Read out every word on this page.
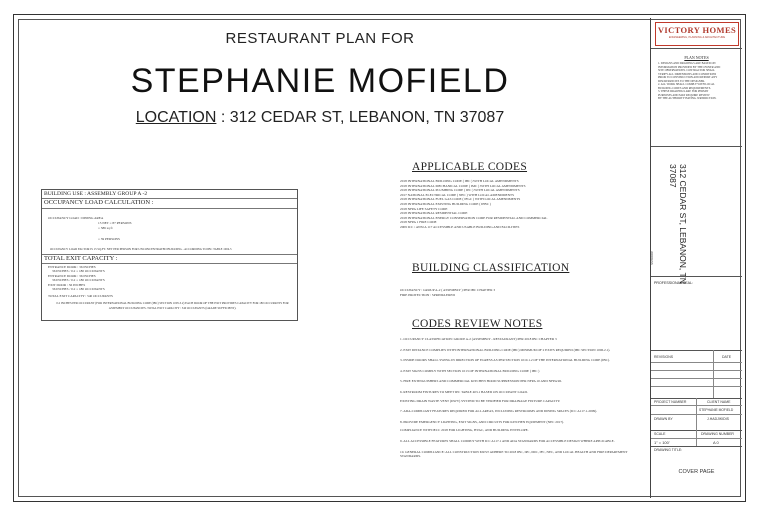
RESTAURANT PLAN FOR
STEPHANIE MOFIELD
LOCATION : 312 CEDAR ST, LEBANON, TN 37087
BUILDING USE : ASSEMBLY GROUP A -2
OCCUPANCY LOAD CALCULATION :
OCCUPANCY LOAD : DINING AREA
15 NET = 87 PERSONS
= 586 sq ft
= 39 PERSONS
OCCUPANCY LOAD FACTOR IS 15 SQ.FT. NET PER PERSON FOR UNCONCENTRATED BUILDING - ACCORDING TO IBC TABLE 1004.5
TOTAL EXIT CAPACITY :
ENTRANCE DOOR : 36 INCHES
36 INCHES / 0.2 = 180 OCCUPANTS
ENTRANCE DOOR : 36 INCHES
36 INCHES / 0.2 = 180 OCCUPANTS
EXIT DOOR : 36 INCHES
36 INCHES / 0.2 = 180 OCCUPANTS
TOTAL EXIT CAPACITY : 540 OCCUPANTS
0.2 INCHES PER OCCUPANT (FOR INTERNATIONAL BUILDING CODE (IBC) SECTION 1005.3.2) EACH DOOR OF THE EXIT PROVIDES CAPACITY FOR 180 OCCUPANTS FOR ASSEMBLY OCCUPANCIES. TOTAL EXIT CAPACITY : 540 OCCUPANTS (GRADE SUFFICIENT).
APPLICABLE CODES
2018 INTERNATIONAL BUILDING CODE ( IBC ) WITH LOCAL AMENDMENTS
2018 INTERNATIONAL MECHANICAL CODE ( IMC ) WITH LOCAL AMENDMENTS
2018 INTERNATIONAL PLUMBING CODE ( IPC ) WITH LOCAL AMENDMENTS
2017 NATIONAL ELECTRICAL CODE ( NEC ) WITH LOCAL AMENDMENTS
2018 INTERNATIONAL FUEL GAS CODE ( IFGC ) WITH LOCAL AMENDMENTS
2018 INTERNATIONAL EXISTING BUILDING CODE ( IEBC )
2018 NFPA LIFE SAFETY CODE
2018 INTERNATIONAL RESIDENTIAL CODE
2018 INTERNATIONAL ENERGY CONSERVATION CODE FOR RESIDENTIAL AND COMMERCIAL
2018 NFPA 1 FIRE CODE
2009 ICC / ANSI A 117 ACCESSIBLE AND USABLE BUILDING AND FACILITIES
BUILDING CLASSIFICATION
OCCUPANCY : GROUP A-2 ( ASSEMBLY ) PER IBC CHAPTER 3
FIRE PROTECTION : SPRINKLERED
CODES REVIEW NOTES
1. OCCUPANCY CLASSIFICATION: GROUP A-2 (ASSEMBLY - RESTAURANT) PER 2018 IBC CHAPTER 3
2. EXIT DISTANCE COMPLIES WITH INTERNATIONAL BUILDING CODE (IBC) MINIMUM OF 2 EXITS REQUIRED (IBC SECTION 1006.2.1).
3. INSIDE DOORS SHALL SWING IN DIRECTION OF EGRESS AS PER SECTION 1010.1.2 OF THE INTERNATIONAL BUILDING CODE (IBC).
4. EXIT SIGNS COMPLY WITH SECTION 1013 OF INTERNATIONAL BUILDING CODE ( IBC )
5. FIRE EXTINGUISHERS AND COMMERCIAL KITCHEN HOOD SUPPRESSION PER NFPA 10 AND NFPA 96.
6. RESTROOM FIXTURES TO MEET IPC TABLE 403.1 BASED ON OCCUPANT LOAD.
EXISTING DRAIN WASTE VENT (DWV) SYSTEM TO BE VERIFIED FOR DRAINAGE FIXTURE CAPACITY.
7. ADA-COMPLIANT FEATURES REQUIRED FOR ALL AREAS, INCLUDING RESTROOMS AND DINING SPACES (ICC A117.1-2009).
8. PROVIDE EMERGENCY LIGHTING, EXIT SIGNS, AND CIRCUITS FOR KITCHEN EQUIPMENT (NEC 2017).
COMPLIANCE WITH IECC 2018 FOR LIGHTING, HVAC, AND BUILDING ENVELOPE.
9. ALL ACCESSIBLE FEATURES SHALL COMPLY WITH ICC A117.1 AND ADA STANDARDS FOR ACCESSIBLE DESIGN WHERE APPLICABLE.
10. GENERAL COMPLIANCE: ALL CONSTRUCTION MUST ADHERE TO 2018 IBC, IPC, IMC, IFC, NEC, AND LOCAL HEALTH AND FIRE DEPARTMENT STANDARDS.
VICTORY HOMES
ENGINEERING, PLANNING & ARCHITECTURE
PLAN NOTES
1. DESIGNS AND DRAWINGS ARE BASED ON
INFORMATION PROVIDED BY THE OWNER AND
SITE OBSERVATIONS. CONTRACTOR SHALL
VERIFY ALL DIMENSIONS AND CONDITIONS
PRIOR TO CONSTRUCTION AND REPORT ANY
DISCREPANCIES TO THE DESIGNER.
2. ALL WORK SHALL COMPLY WITH LOCAL
BUILDING CODES AND REQUIREMENTS.
3. THESE DRAWINGS ARE FOR PERMIT
PURPOSES AND MAY REQUIRE REVIEW
BY THE AUTHORITY HAVING JURISDICTION.
312 CEDAR ST, LEBANON, TN 37087
ADDRESS
PROFESSIONAL SEAL:
REVISIONS	DATE
PROJECT NUMBER	CLIENT NAME
STEPHANIE MOFIELD
DRAWN BY	J.HADJIKIDIS
SCALE	DRAWING NUMBER
1" = 100'	A 0
DRAWING TITLE:
COVER PAGE
